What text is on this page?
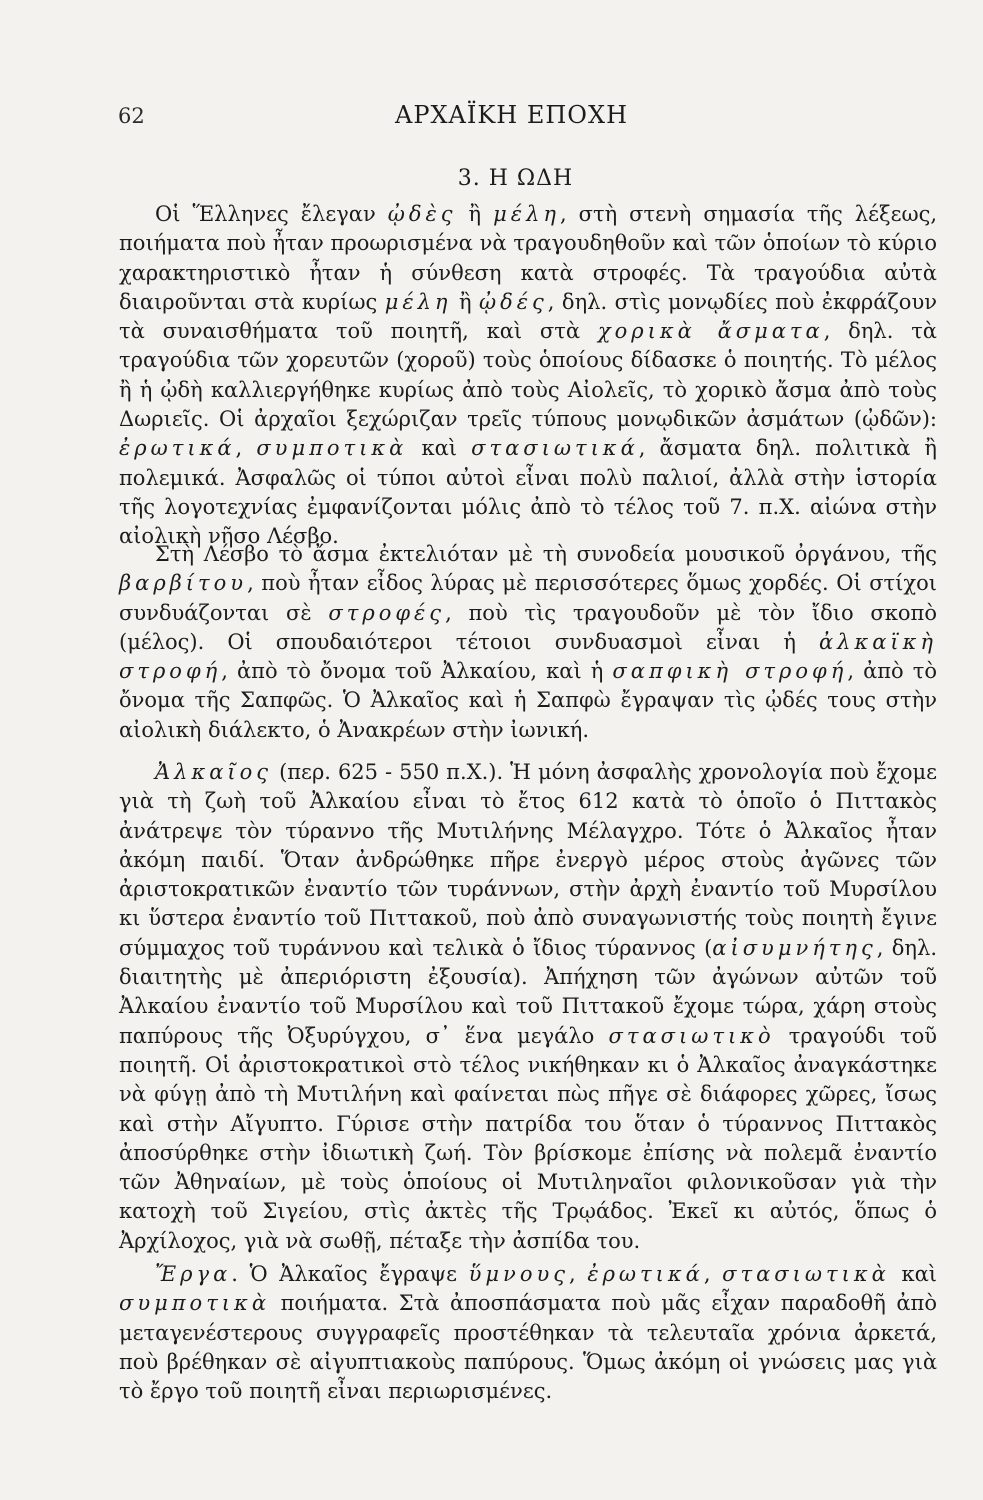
62	ΑΡΧΑΪΚΗ ΕΠΟΧΗ
3. Η ΩΔΗ

Οἱ Ἕλληνες ἔλεγαν ᾠδὲς ἢ μέλη, στὴ στενὴ σημασία τῆς λέξεως, ποιήματα ποὺ ἦταν προωρισμένα νὰ τραγουδηθοῦν καὶ τῶν ὁποίων τὸ κύριο χαρακτηριστικὸ ἦταν ἡ σύνθεση κατὰ στροφές. Τὰ τραγούδια αὐτὰ διαιροῦνται στὰ κυρίως μέλη ἢ ᾠδές, δηλ. στὶς μονῳδίες ποὺ ἐκφράζουν τὰ συναισθήματα τοῦ ποιητῆ, καὶ στὰ χορικὰ ἄσματα, δηλ. τὰ τραγούδια τῶν χορευτῶν (χοροῦ) τοὺς ὁποίους δίδασκε ὁ ποιητής. Τὸ μέλος ἢ ἡ ᾠδὴ καλλιεργήθηκε κυρίως ἀπὸ τοὺς Αἰολεῖς, τὸ χορικὸ ἄσμα ἀπὸ τοὺς Δωριεῖς. Οἱ ἀρχαῖοι ξεχώριζαν τρεῖς τύπους μονῳδικῶν ἀσμάτων (ᾠδῶν): ἐρωτικά, συμποτικὰ καὶ στασιωτικά, ἄσματα δηλ. πολιτικὰ ἢ πολεμικά. Ἀσφαλῶς οἱ τύποι αὐτοὶ εἶναι πολὺ παλιοί, ἀλλὰ στὴν ἱστορία τῆς λογοτεχνίας ἐμφανίζονται μόλις ἀπὸ τὸ τέλος τοῦ 7. π.Χ. αἰώνα στὴν αἰολικὴ νῆσο Λέσβο.

Στὴ Λέσβο τὸ ἄσμα ἐκτελιόταν μὲ τὴ συνοδεία μουσικοῦ ὀργάνου, τῆς βαρβίτου, ποὺ ἦταν εἶδος λύρας μὲ περισσότερες ὅμως χορδές. Οἱ στίχοι συνδυάζονται σὲ στροφές, ποὺ τὶς τραγουδοῦν μὲ τὸν ἴδιο σκοπὸ (μέλος). Οἱ σπουδαιότεροι τέτοιοι συνδυασμοὶ εἶναι ἡ ἀλκαϊκὴ στροφή, ἀπὸ τὸ ὄνομα τοῦ Ἀλκαίου, καὶ ἡ σαπφικὴ στροφή, ἀπὸ τὸ ὄνομα τῆς Σαπφῶς. Ὁ Ἀλκαῖος καὶ ἡ Σαπφὼ ἔγραψαν τὶς ᾠδές τους στὴν αἰολικὴ διάλεκτο, ὁ Ἀνακρέων στὴν ἰωνική.

Ἀλκαῖος (περ. 625 - 550 π.Χ.). Ἡ μόνη ἀσφαλὴς χρονολογία ποὺ ἔχομε γιὰ τὴ ζωὴ τοῦ Ἀλκαίου εἶναι τὸ ἔτος 612 κατὰ τὸ ὁποῖο ὁ Πιττακὸς ἀνάτρεψε τὸν τύραννο τῆς Μυτιλήνης Μέλαγχρο. Τότε ὁ Ἀλκαῖος ἦταν ἀκόμη παιδί. Ὅταν ἀνδρώθηκε πῆρε ἐνεργὸ μέρος στοὺς ἀγῶνες τῶν ἀριστοκρατικῶν ἐναντίο τῶν τυράννων, στὴν ἀρχὴ ἐναντίο τοῦ Μυρσίλου κι ὕστερα ἐναντίο τοῦ Πιττακοῦ, ποὺ ἀπὸ συναγωνιστής τοὺς ποιητὴ ἔγινε σύμμαχος τοῦ τυράννου καὶ τελικὰ ὁ ἴδιος τύραννος (αἰσυμνήτης, δηλ. διαιτητὴς μὲ ἀπεριόριστη ἐξουσία). Ἀπήχηση τῶν ἀγώνων αὐτῶν τοῦ Ἀλκαίου ἐναντίο τοῦ Μυρσίλου καὶ τοῦ Πιττακοῦ ἔχομε τώρα, χάρη στοὺς παπύρους τῆς Ὀξυρύγχου, σ᾿ ἕνα μεγάλο στασιωτικὸ τραγούδι τοῦ ποιητῆ. Οἱ ἀριστοκρατικοὶ στὸ τέλος νικήθηκαν κι ὁ Ἀλκαῖος ἀναγκάστηκε νὰ φύγῃ ἀπὸ τὴ Μυτιλήνη καὶ φαίνεται πὼς πῆγε σὲ διάφορες χῶρες, ἴσως καὶ στὴν Αἴγυπτο. Γύρισε στὴν πατρίδα του ὅταν ὁ τύραννος Πιττακὸς ἀποσύρθηκε στὴν ἰδιωτικὴ ζωή. Τὸν βρίσκομε ἐπίσης νὰ πολεμᾶ ἐναντίο τῶν Ἀθηναίων, μὲ τοὺς ὁποίους οἱ Μυτιληναῖοι φιλονικοῦσαν γιὰ τὴν κατοχὴ τοῦ Σιγείου, στὶς ἀκτὲς τῆς Τρῳάδος. Ἐκεῖ κι αὐτός, ὅπως ὁ Ἀρχίλοχος, γιὰ νὰ σωθῇ, πέταξε τὴν ἀσπίδα του.

Ἔργα. Ὁ Ἀλκαῖος ἔγραψε ὕμνους, ἐρωτικά, στασιωτικὰ καὶ συμποτικὰ ποιήματα. Στὰ ἀποσπάσματα ποὺ μᾶς εἶχαν παραδοθῆ ἀπὸ μεταγενέστερους συγγραφεῖς προστέθηκαν τὰ τελευταῖα χρόνια ἀρκετά, ποὺ βρέθηκαν σὲ αἰγυπτιακοὺς παπύρους. Ὅμως ἀκόμη οἱ γνώσεις μας γιὰ τὸ ἔργο τοῦ ποιητῆ εἶναι περιωρισμένες.
